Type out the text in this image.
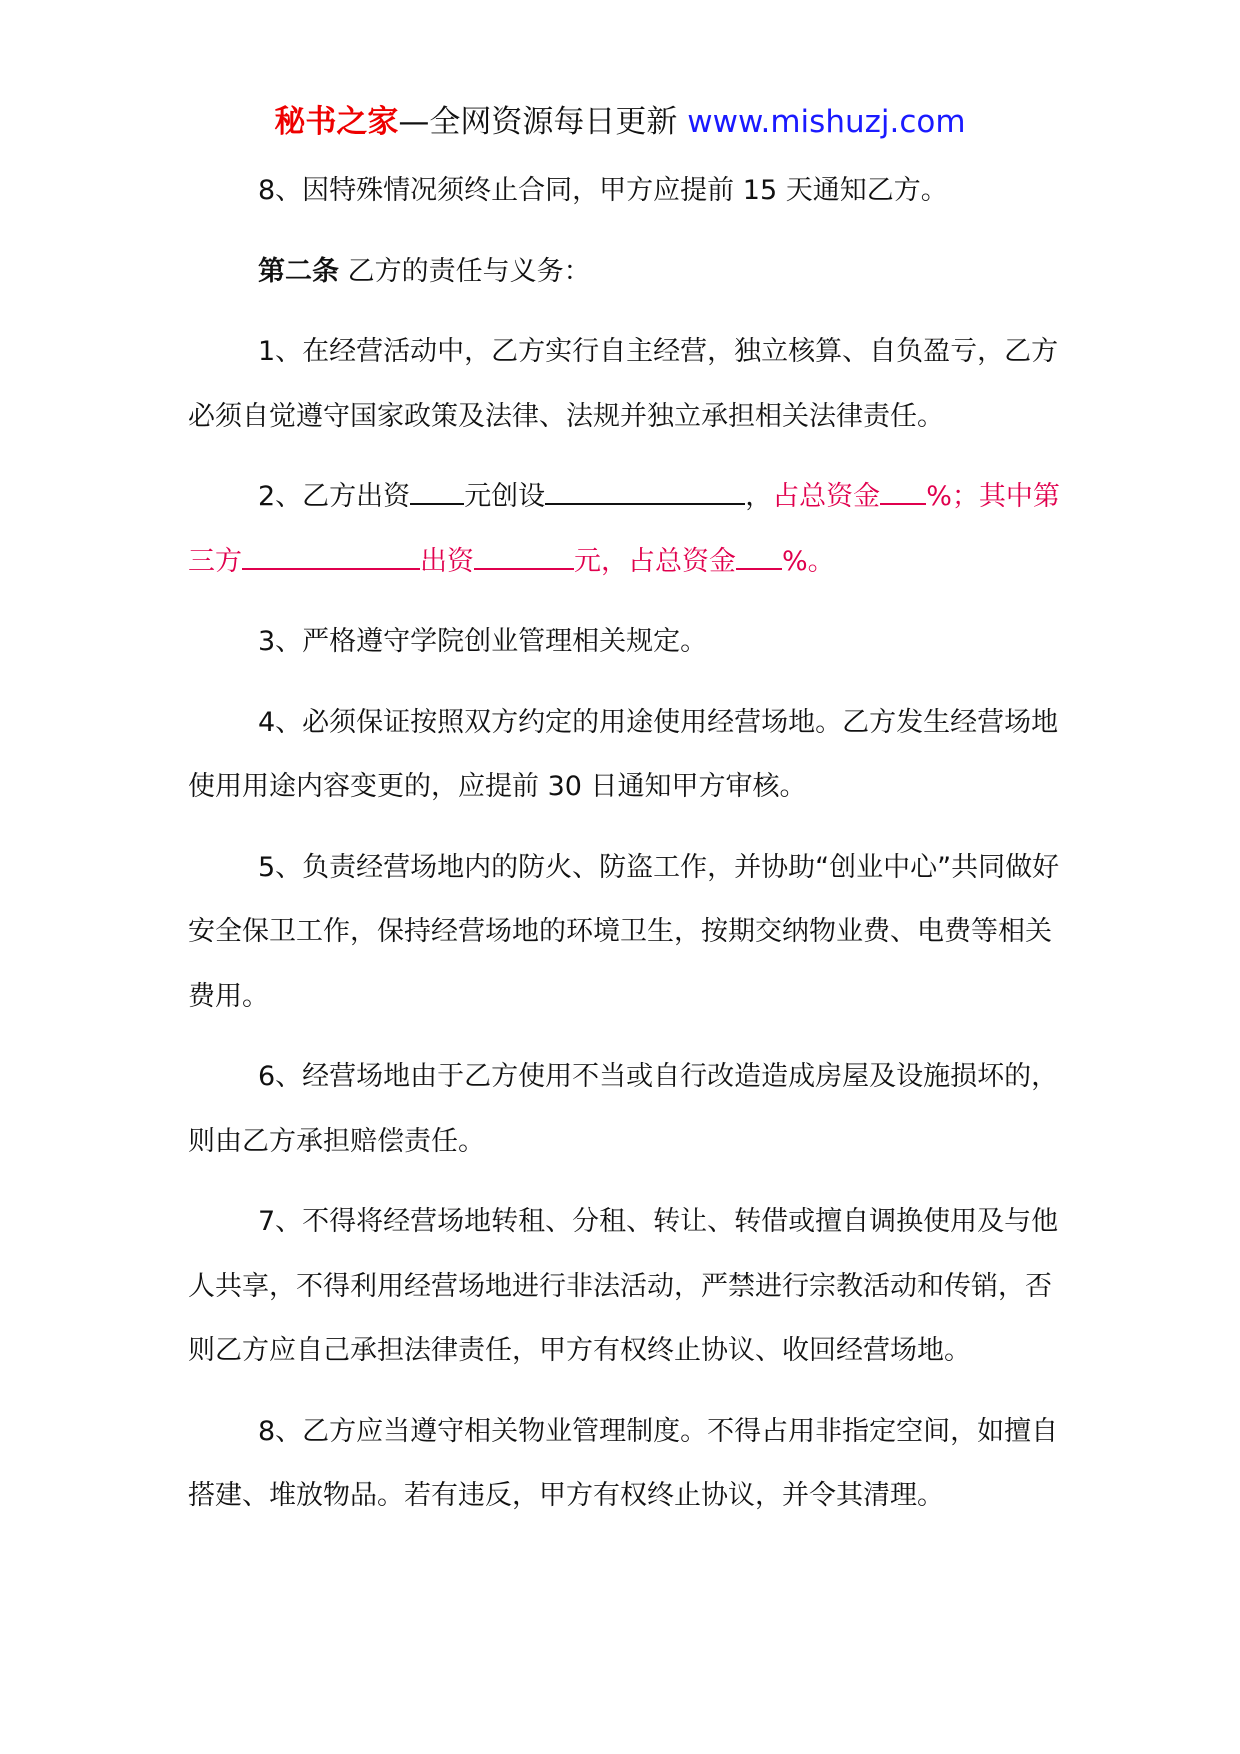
秘书之家—全网资源每日更新 www.mishuzj.com

8、因特殊情况须终止合同，甲方应提前 15 天通知乙方。

第二条 乙方的责任与义务：

1、在经营活动中，乙方实行自主经营，独立核算、自负盈亏，乙方必须自觉遵守国家政策及法律、法规并独立承担相关法律责任。

2、乙方出资 元创设	，占总资金 %；其中第三方	出资	元，占总资金 %。

3、严格遵守学院创业管理相关规定。

4、必须保证按照双方约定的用途使用经营场地。乙方发生经营场地使用用途内容变更的，应提前 30 日通知甲方审核。

5、负责经营场地内的防火、防盗工作，并协助“创业中心”共同做好安全保卫工作，保持经营场地的环境卫生，按期交纳物业费、电费等相关费用。

6、经营场地由于乙方使用不当或自行改造造成房屋及设施损坏的，则由乙方承担赔偿责任。

7、不得将经营场地转租、分租、转让、转借或擅自调换使用及与他人共享，不得利用经营场地进行非法活动，严禁进行宗教活动和传销，否则乙方应自己承担法律责任，甲方有权终止协议、收回经营场地。

8、乙方应当遵守相关物业管理制度。不得占用非指定空间，如擅自搭建、堆放物品。若有违反，甲方有权终止协议，并令其清理。
